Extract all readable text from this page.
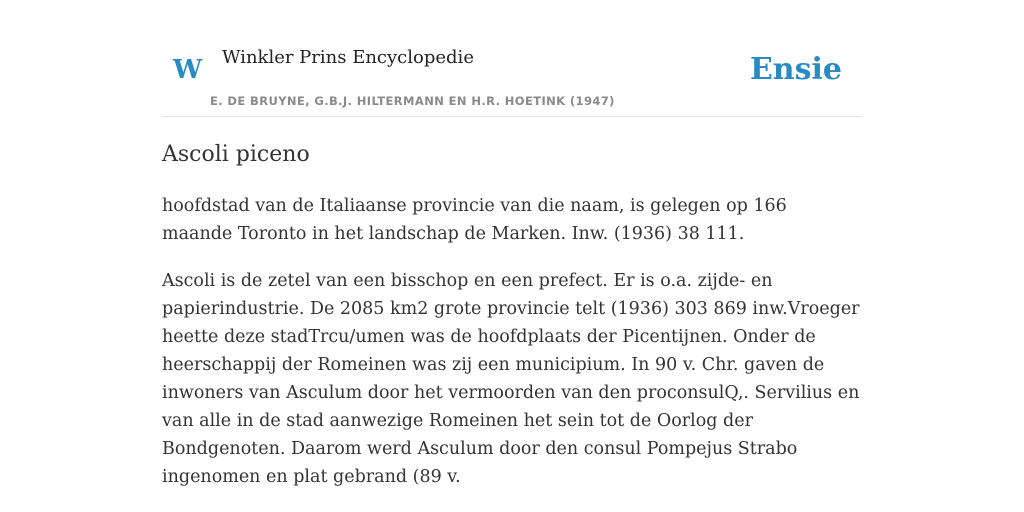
W Winkler Prins Encyclopedie
E. DE BRUYNE, G.B.J. HILTERMANN EN H.R. HOETINK (1947)
Ensie
Ascoli piceno

hoofdstad van de Italiaanse provincie van die naam, is gelegen op 166 maande Toronto in het landschap de Marken. Inw. (1936) 38 111.

Ascoli is de zetel van een bisschop en een prefect. Er is o.a. zijde- en papierindustrie. De 2085 km2 grote provincie telt (1936) 303 869 inw.Vroeger heette deze stadTrcu/umen was de hoofdplaats der Picentijnen. Onder de heerschappij der Romeinen was zij een municipium. In 90 v. Chr. gaven de inwoners van Asculum door het vermoorden van den proconsulQ,. Servilius en van alle in de stad aanwezige Romeinen het sein tot de Oorlog der Bondgenoten. Daarom werd Asculum door den consul Pompejus Strabo ingenomen en plat gebrand (89 v.
